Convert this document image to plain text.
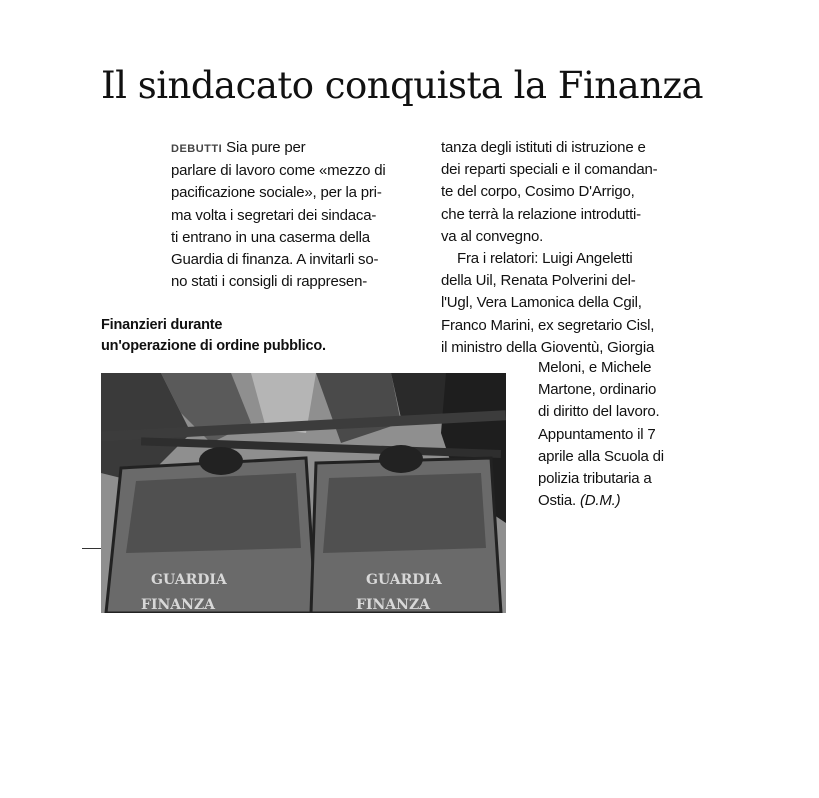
Il sindacato conquista la Finanza
DEBUTTI Sia pure per
parlare di lavoro come «mezzo di
pacificazione sociale», per la pri-
ma volta i segretari dei sindaca-
ti entrano in una caserma della
Guardia di finanza. A invitarli so-
no stati i consigli di rappresen-
tanza degli istituti di istruzione e
dei reparti speciali e il comandan-
te del corpo, Cosimo D'Arrigo,
che terrà la relazione introdutti-
va al convegno.
Fra i relatori: Luigi Angeletti
della Uil, Renata Polverini del-
l'Ugl, Vera Lamonica della Cgil,
Franco Marini, ex segretario Cisl,
il ministro della Gioventù, Giorgia
Meloni, e Michele
Martone, ordinario
di diritto del lavoro.
Appuntamento il 7
aprile alla Scuola di
polizia tributaria a
Ostia. (D.M.)
Finanzieri durante
un'operazione di ordine pubblico.
GUARDIA
FINANZA
GUARDIA
FINANZA
